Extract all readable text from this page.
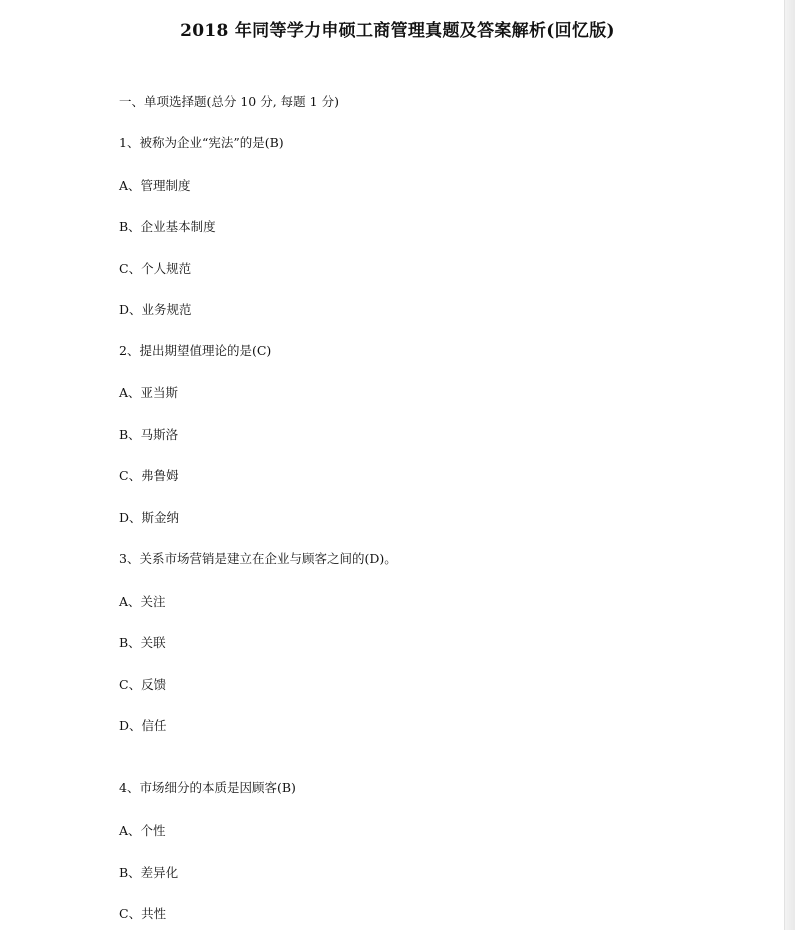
2018 年同等学力申硕工商管理真题及答案解析(回忆版)
一、单项选择题(总分 10 分, 每题 1 分)
1、被称为企业“宪法”的是(B)
A、管理制度
B、企业基本制度
C、个人规范
D、业务规范
2、提出期望值理论的是(C)
A、亚当斯
B、马斯洛
C、弗鲁姆
D、斯金纳
3、关系市场营销是建立在企业与顾客之间的(D)。
A、关注
B、关联
C、反馈
D、信任
4、市场细分的本质是因顾客(B)
A、个性
B、差异化
C、共性
